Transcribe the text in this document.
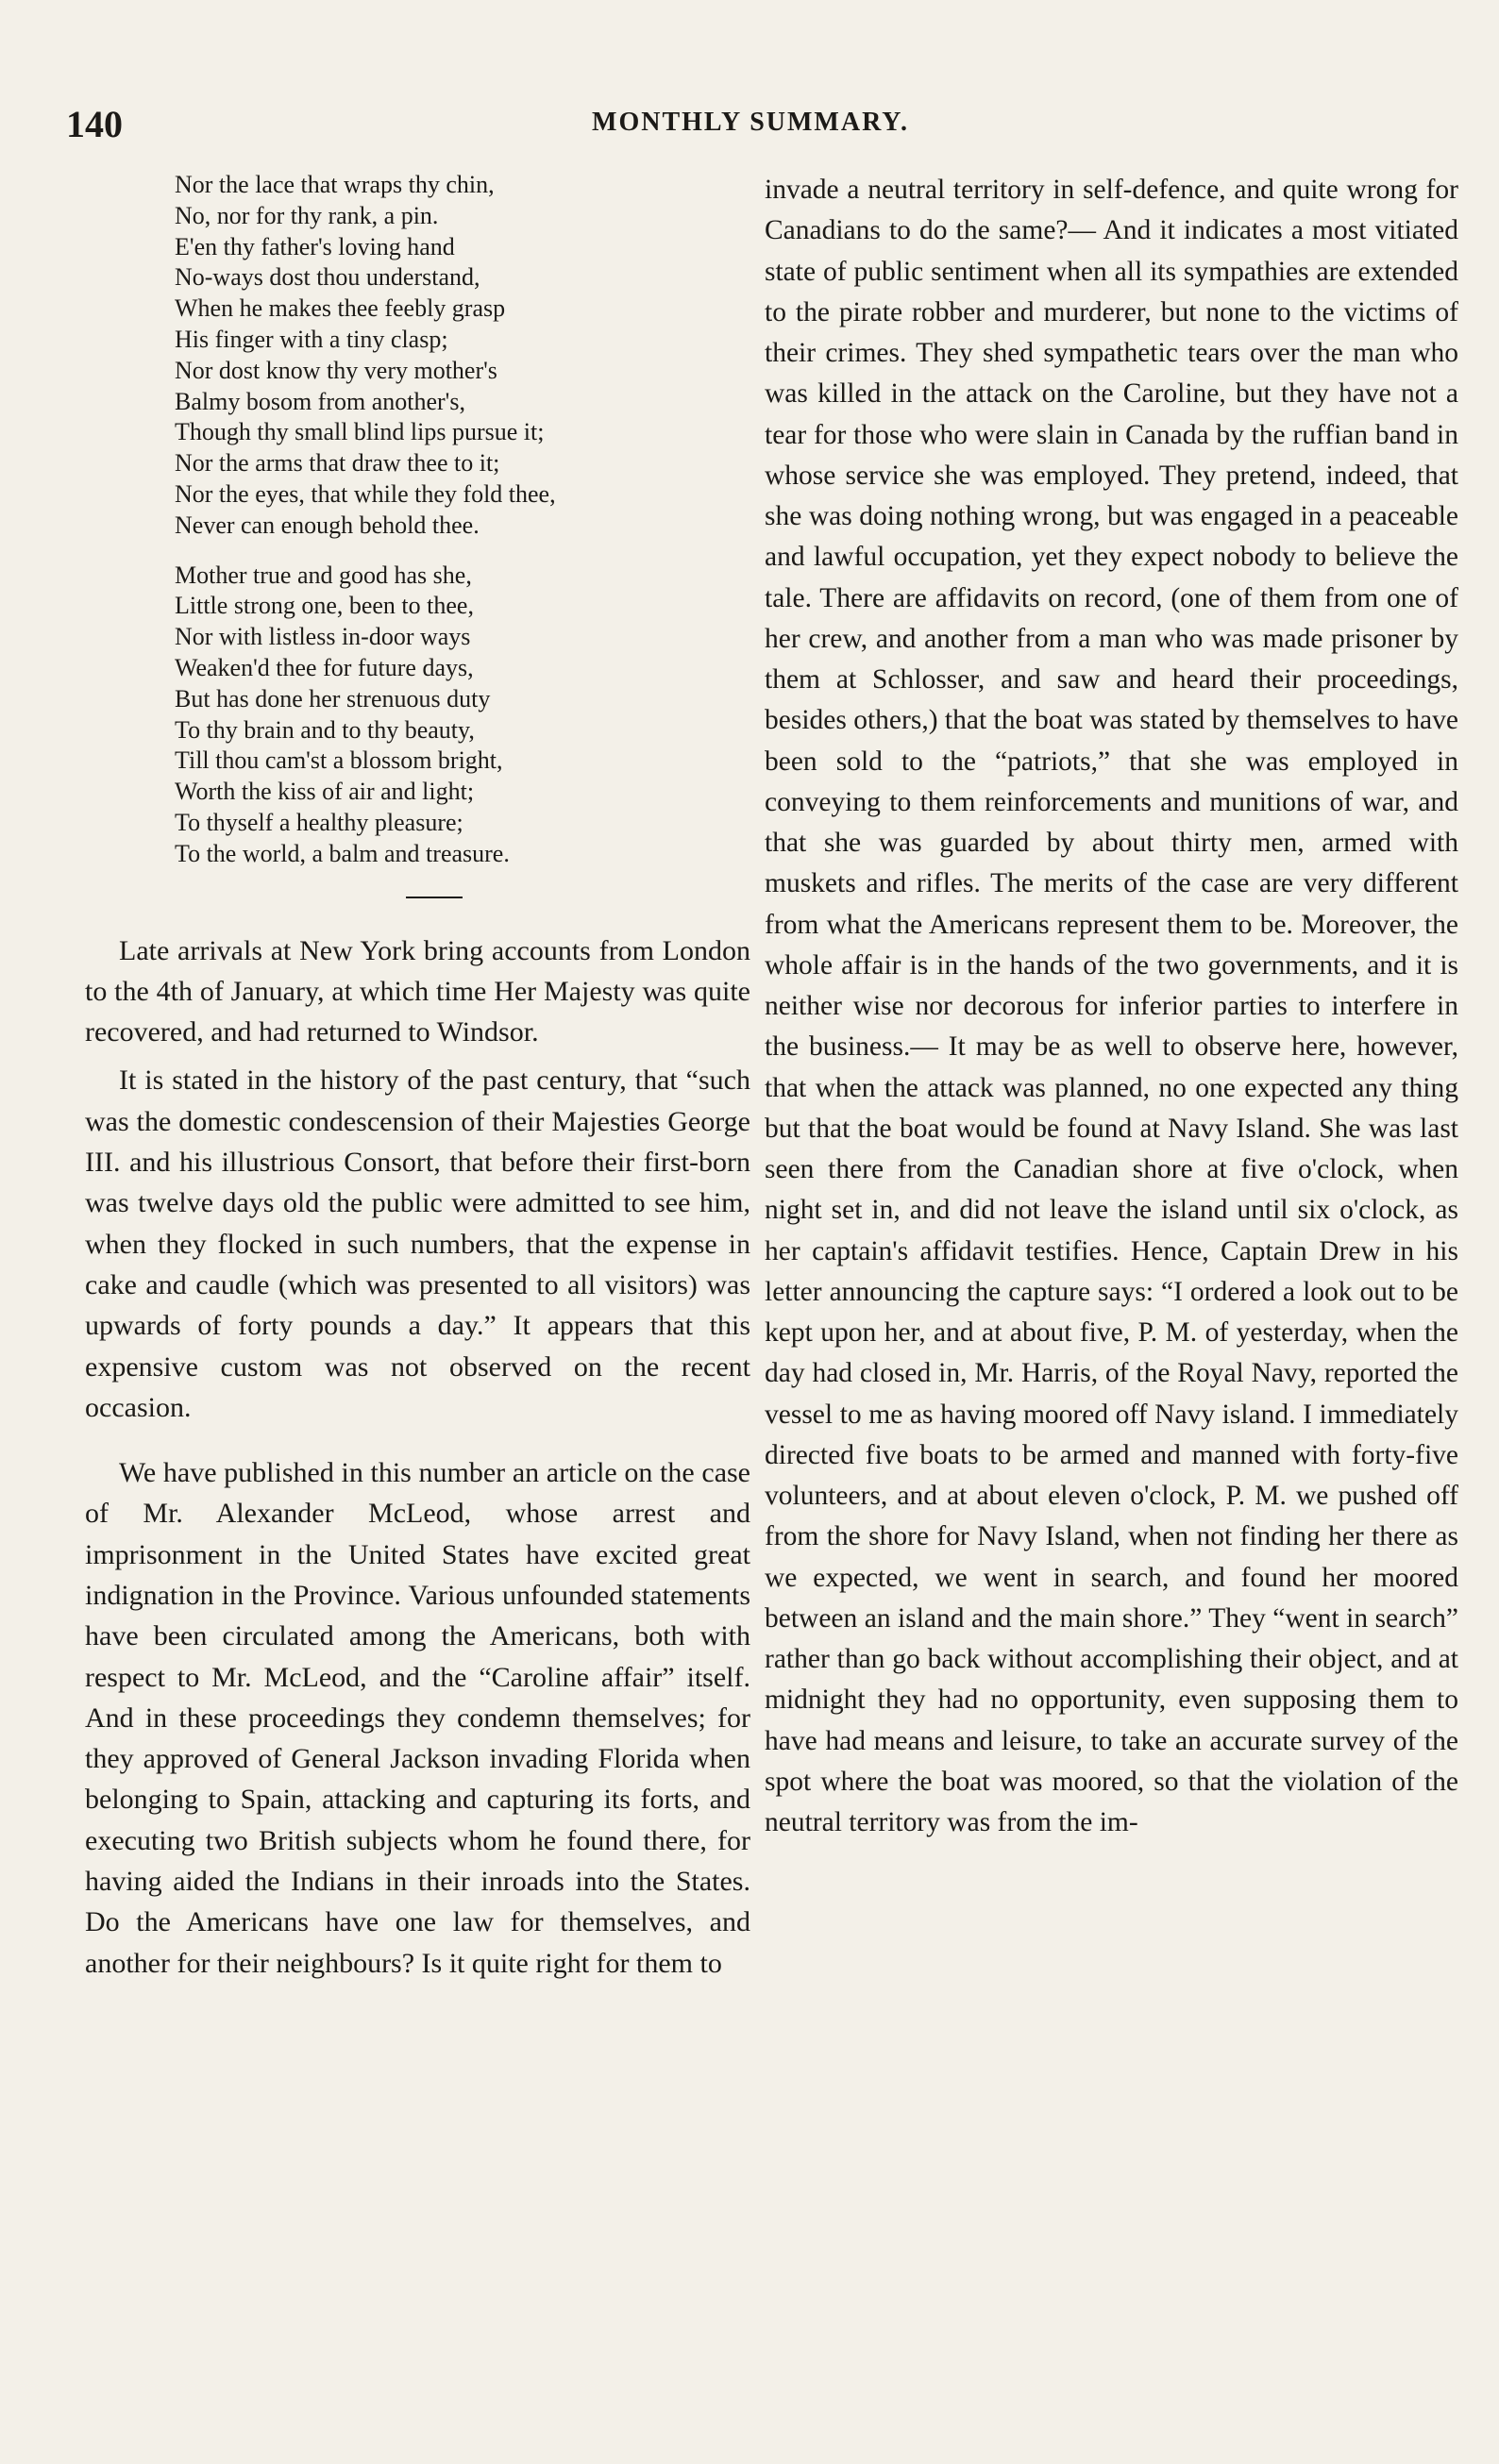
140	MONTHLY SUMMARY.
Nor the lace that wraps thy chin,
No, nor for thy rank, a pin.
E'en thy father's loving hand
No-ways dost thou understand,
When he makes thee feebly grasp
His finger with a tiny clasp;
Nor dost know thy very mother's
Balmy bosom from another's,
Though thy small blind lips pursue it;
Nor the arms that draw thee to it;
Nor the eyes, that while they fold thee,
Never can enough behold thee.
Mother true and good has she,
Little strong one, been to thee,
Nor with listless in-door ways
Weaken'd thee for future days,
But has done her strenuous duty
To thy brain and to thy beauty,
Till thou cam'st a blossom bright,
Worth the kiss of air and light;
To thyself a healthy pleasure;
To the world, a balm and treasure.

Late arrivals at New York bring accounts from London to the 4th of January, at which time Her Majesty was quite recovered, and had returned to Windsor.

It is stated in the history of the past century, that “such was the domestic condescension of their Majesties George III. and his illustrious Consort, that before their first-born was twelve days old the public were admitted to see him, when they flocked in such numbers, that the expense in cake and caudle (which was presented to all visitors) was upwards of forty pounds a day.” It appears that this expensive custom was not observed on the recent occasion.

We have published in this number an article on the case of Mr. Alexander McLeod, whose arrest and imprisonment in the United States have excited great indignation in the Province. Various unfounded statements have been circulated among the Americans, both with respect to Mr. McLeod, and the “Caroline affair” itself. And in these proceedings they condemn themselves; for they approved of General Jackson invading Florida when belonging to Spain, attacking and capturing its forts, and executing two British subjects whom he found there, for having aided the Indians in their inroads into the States. Do the Americans have one law for themselves, and another for their neighbours? Is it quite right for them to

invade a neutral territory in self-defence, and quite wrong for Canadians to do the same?— And it indicates a most vitiated state of public sentiment when all its sympathies are extended to the pirate robber and murderer, but none to the victims of their crimes. They shed sympathetic tears over the man who was killed in the attack on the Caroline, but they have not a tear for those who were slain in Canada by the ruffian band in whose service she was employed. They pretend, indeed, that she was doing nothing wrong, but was engaged in a peaceable and lawful occupation, yet they expect nobody to believe the tale. There are affidavits on record, (one of them from one of her crew, and another from a man who was made prisoner by them at Schlosser, and saw and heard their proceedings, besides others,) that the boat was stated by themselves to have been sold to the “patriots,” that she was employed in conveying to them reinforcements and munitions of war, and that she was guarded by about thirty men, armed with muskets and rifles. The merits of the case are very different from what the Americans represent them to be. Moreover, the whole affair is in the hands of the two governments, and it is neither wise nor decorous for inferior parties to interfere in the business.— It may be as well to observe here, however, that when the attack was planned, no one expected any thing but that the boat would be found at Navy Island. She was last seen there from the Canadian shore at five o'clock, when night set in, and did not leave the island until six o'clock, as her captain's affidavit testifies. Hence, Captain Drew in his letter announcing the capture says: “I ordered a look out to be kept upon her, and at about five, P. M. of yesterday, when the day had closed in, Mr. Harris, of the Royal Navy, reported the vessel to me as having moored off Navy island. I immediately directed five boats to be armed and manned with forty-five volunteers, and at about eleven o'clock, P. M. we pushed off from the shore for Navy Island, when not finding her there as we expected, we went in search, and found her moored between an island and the main shore.” They “went in search” rather than go back without accomplishing their object, and at midnight they had no opportunity, even supposing them to have had means and leisure, to take an accurate survey of the spot where the boat was moored, so that the violation of the neutral territory was from the im-
